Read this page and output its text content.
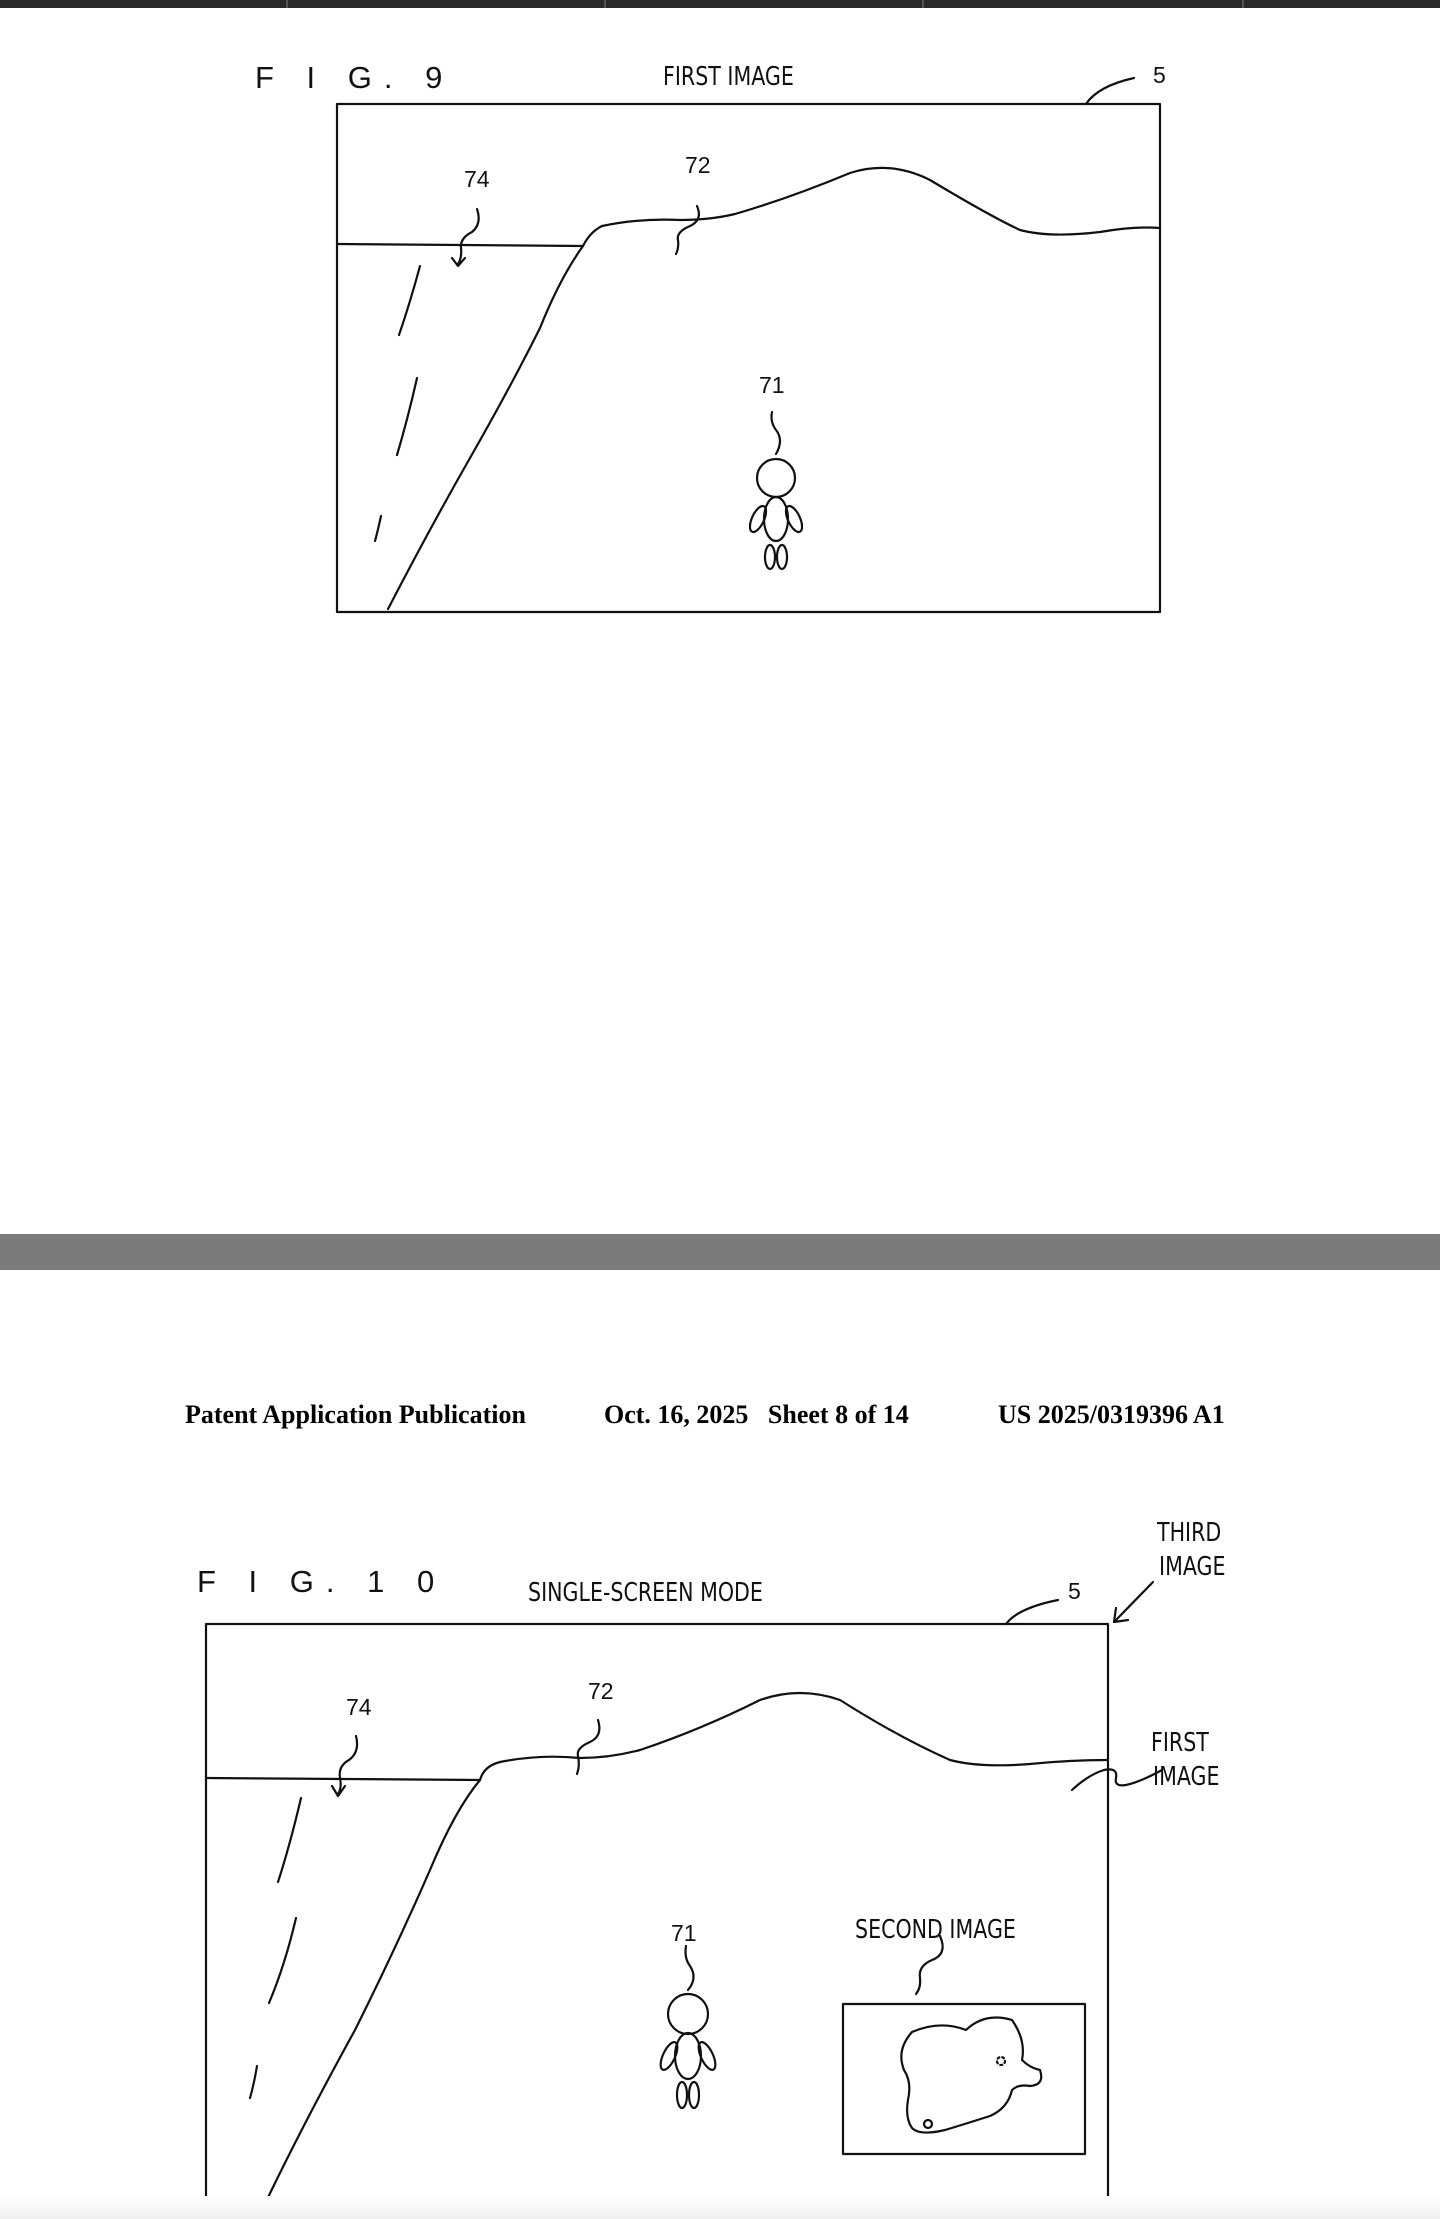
F I G. 9	FIRST IMAGE	5
72
74
71
Patent Application Publication	Oct. 16, 2025   Sheet 8 of 14	US 2025/0319396 A1
F I G. 1 0	SINGLE-SCREEN MODE	5
THIRD
IMAGE
FIRST
IMAGE
SECOND IMAGE
72
74
71
